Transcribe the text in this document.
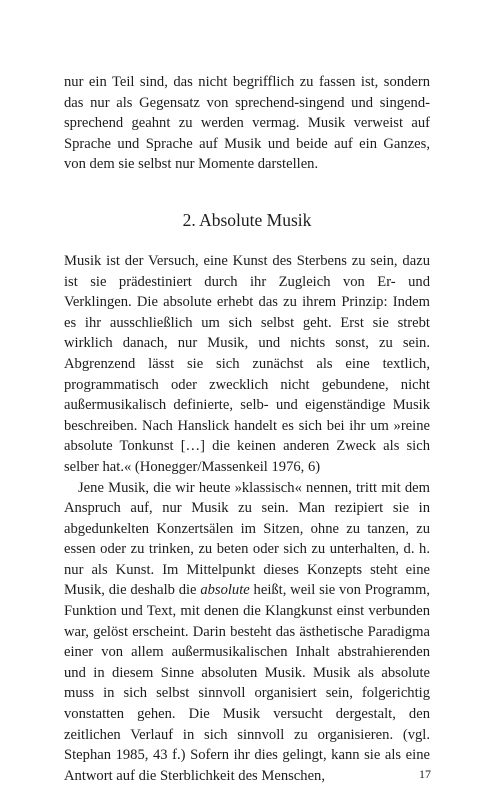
nur ein Teil sind, das nicht begrifflich zu fassen ist, sondern das nur als Gegensatz von sprechend-singend und singend-sprechend geahnt zu werden vermag. Musik verweist auf Sprache und Sprache auf Musik und beide auf ein Ganzes, von dem sie selbst nur Momente darstellen.

2. Absolute Musik

Musik ist der Versuch, eine Kunst des Sterbens zu sein, dazu ist sie prädestiniert durch ihr Zugleich von Er- und Verklingen. Die absolute erhebt das zu ihrem Prinzip: Indem es ihr ausschließlich um sich selbst geht. Erst sie strebt wirklich danach, nur Musik, und nichts sonst, zu sein. Abgrenzend lässt sie sich zunächst als eine textlich, programmatisch oder zwecklich nicht gebundene, nicht außermusikalisch definierte, selb- und eigenständige Musik beschreiben. Nach Hanslick handelt es sich bei ihr um »reine absolute Tonkunst […] die keinen anderen Zweck als sich selber hat.« (Honegger/Massenkeil 1976, 6)

Jene Musik, die wir heute »klassisch« nennen, tritt mit dem Anspruch auf, nur Musik zu sein. Man rezipiert sie in abgedunkelten Konzertsälen im Sitzen, ohne zu tanzen, zu essen oder zu trinken, zu beten oder sich zu unterhalten, d. h. nur als Kunst. Im Mittelpunkt dieses Konzepts steht eine Musik, die deshalb die absolute heißt, weil sie von Programm, Funktion und Text, mit denen die Klangkunst einst verbunden war, gelöst erscheint. Darin besteht das ästhetische Paradigma einer von allem außermusikalischen Inhalt abstrahierenden und in diesem Sinne absoluten Musik. Musik als absolute muss in sich selbst sinnvoll organisiert sein, folgerichtig vonstatten gehen. Die Musik versucht dergestalt, den zeitlichen Verlauf in sich sinnvoll zu organisieren. (vgl. Stephan 1985, 43 f.) Sofern ihr dies gelingt, kann sie als eine Antwort auf die Sterblichkeit des Menschen,	17
